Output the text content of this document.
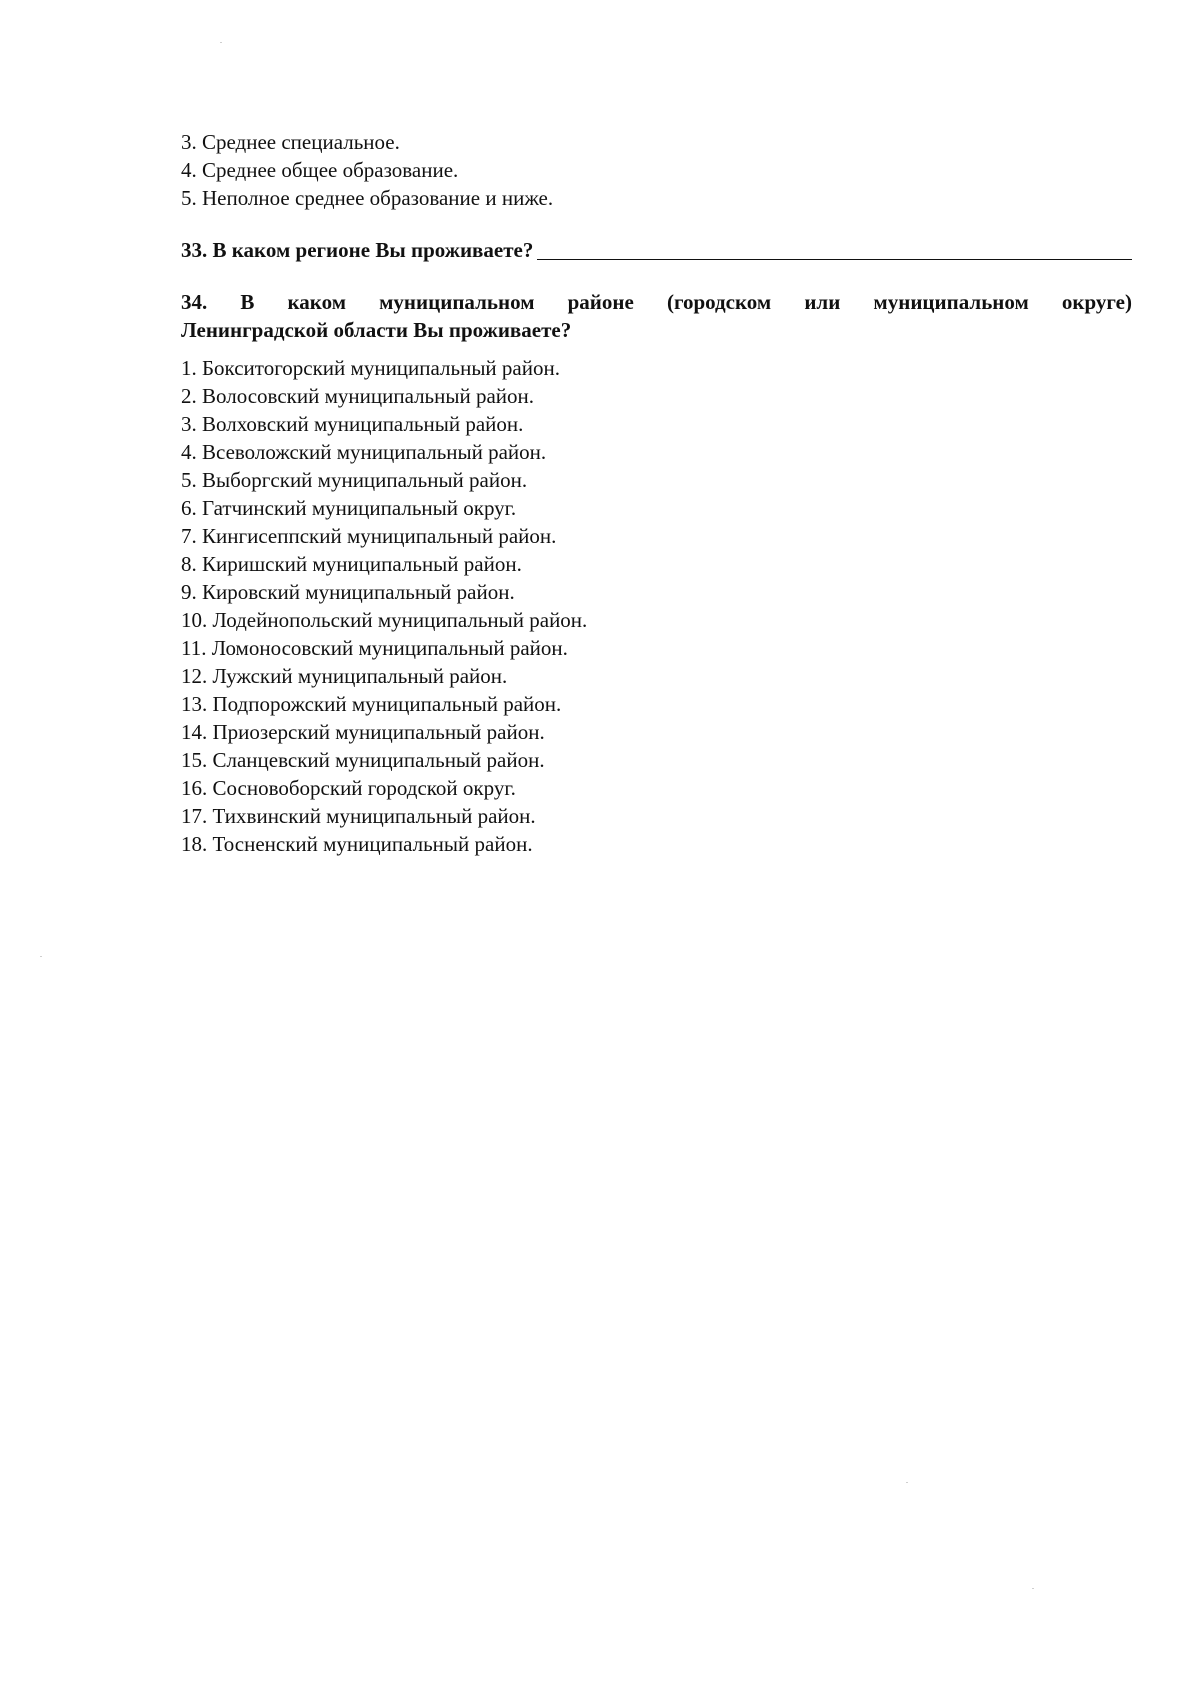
3. Среднее специальное.
4. Среднее общее образование.
5. Неполное среднее образование и ниже.
33. В каком регионе Вы проживаете?
34. В каком муниципальном районе (городском или муниципальном округе)
Ленинградской области Вы проживаете?
1. Бокситогорский муниципальный район.
2. Волосовский муниципальный район.
3. Волховский муниципальный район.
4. Всеволожский муниципальный район.
5. Выборгский муниципальный район.
6. Гатчинский муниципальный округ.
7. Кингисеппский муниципальный район.
8. Киришский муниципальный район.
9. Кировский муниципальный район.
10. Лодейнопольский муниципальный район.
11. Ломоносовский муниципальный район.
12. Лужский муниципальный район.
13. Подпорожский муниципальный район.
14. Приозерский муниципальный район.
15. Сланцевский муниципальный район.
16. Сосновоборский городской округ.
17. Тихвинский муниципальный район.
18. Тосненский муниципальный район.
